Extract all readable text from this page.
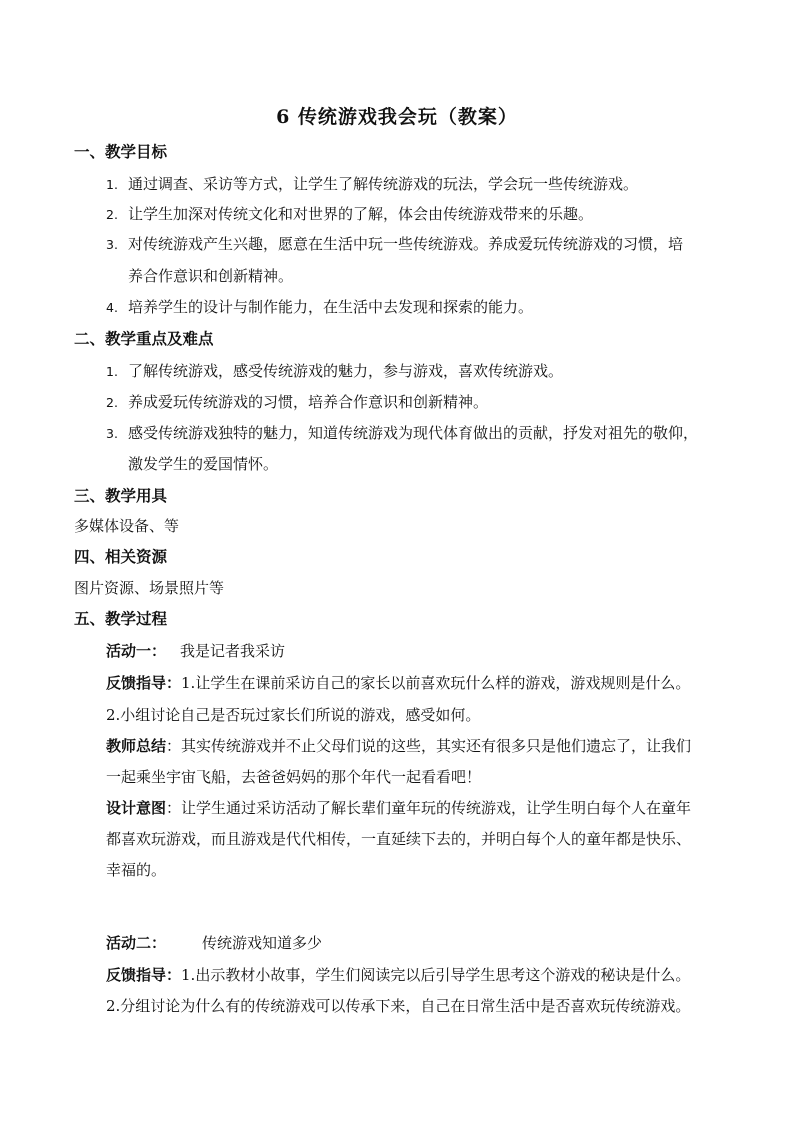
6 传统游戏我会玩（教案）
一、教学目标
1. 通过调查、采访等方式，让学生了解传统游戏的玩法，学会玩一些传统游戏。
2. 让学生加深对传统文化和对世界的了解，体会由传统游戏带来的乐趣。
3. 对传统游戏产生兴趣，愿意在生活中玩一些传统游戏。养成爱玩传统游戏的习惯，培
养合作意识和创新精神。
4. 培养学生的设计与制作能力，在生活中去发现和探索的能力。
二、教学重点及难点
1. 了解传统游戏，感受传统游戏的魅力，参与游戏，喜欢传统游戏。
2. 养成爱玩传统游戏的习惯，培养合作意识和创新精神。
3. 感受传统游戏独特的魅力，知道传统游戏为现代体育做出的贡献，抒发对祖先的敬仰，
激发学生的爱国情怀。
三、教学用具
多媒体设备、等
四、相关资源
图片资源、场景照片等
五、教学过程
活动一： 我是记者我采访
反馈指导：1.让学生在课前采访自己的家长以前喜欢玩什么样的游戏，游戏规则是什么。
2.小组讨论自己是否玩过家长们所说的游戏，感受如何。
教师总结：其实传统游戏并不止父母们说的这些，其实还有很多只是他们遗忘了，让我们
一起乘坐宇宙飞船，去爸爸妈妈的那个年代一起看看吧！
设计意图：让学生通过采访活动了解长辈们童年玩的传统游戏，让学生明白每个人在童年
都喜欢玩游戏，而且游戏是代代相传，一直延续下去的，并明白每个人的童年都是快乐、
幸福的。
活动二： 传统游戏知道多少
反馈指导：1.出示教材小故事，学生们阅读完以后引导学生思考这个游戏的秘诀是什么。
2.分组讨论为什么有的传统游戏可以传承下来，自己在日常生活中是否喜欢玩传统游戏。
